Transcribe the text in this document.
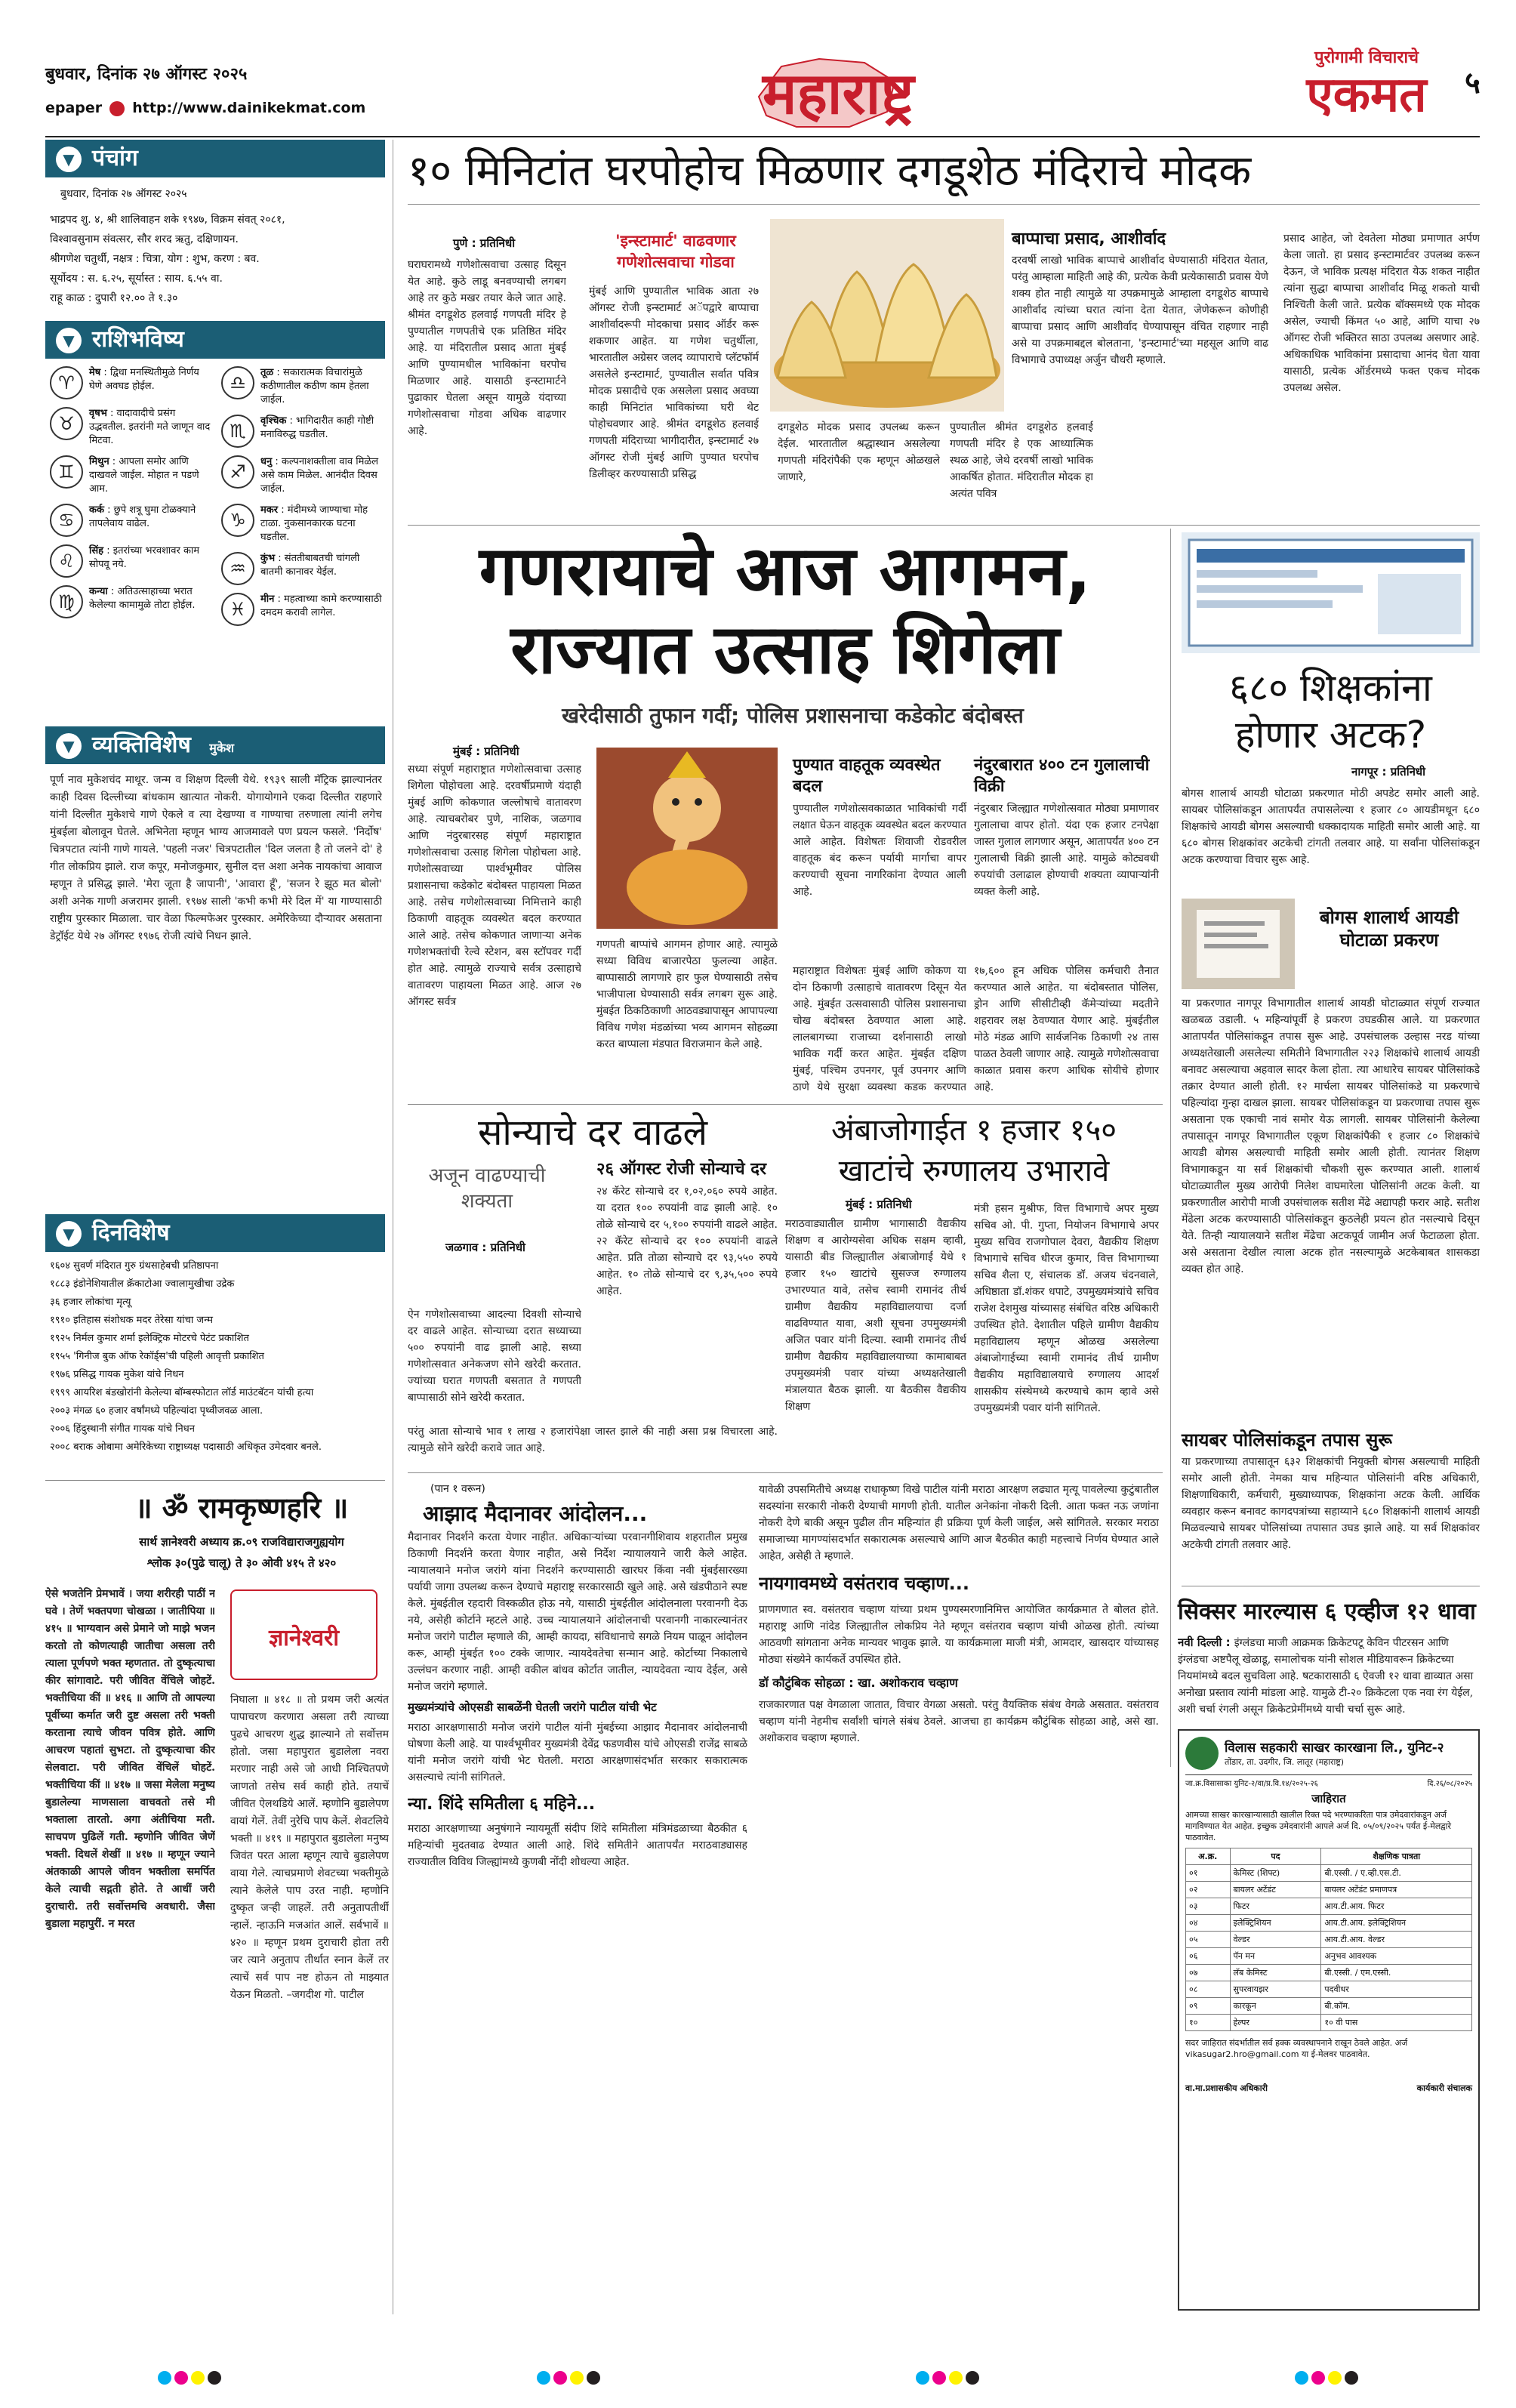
बुधवार, दिनांक २७ ऑगस्ट २०२५
epaper http://www.dainikekmat.com	महाराष्ट्र
पुरोगामी विचाराचे
एकमत	५
▼ पंचांग
बुधवार, दिनांक २७ ऑगस्ट २०२५
भाद्रपद शु. ४, श्री शालिवाहन शके १९४७, विक्रम संवत् २०८१,
विश्वावसुनाम संवत्सर, सौर शरद ऋतु, दक्षिणायन.
श्रीगणेश चतुर्थी, नक्षत्र : चित्रा, योग : शुभ, करण : बव.
सूर्योदय : स. ६.२५, सूर्यास्त : साय. ६.५५ वा.
राहू काळ : दुपारी १२.०० ते १.३०
▼ राशिभविष्य
♈	मेष : द्विधा मनस्थितीमुळे निर्णय घेणे अवघड होईल.
♉	वृषभ : वादावादीचे प्रसंग उद्भवतील. इतरांनी मते जाणून वाद मिटवा.
♊	मिथुन : आपला समोर आणि दाखवले जाईल. मोहात न पडणे आम.
♋	कर्क : छुपे शत्रू घुमा टोळक्याने तापलेवाय वाढेल.
♌	सिंह : इतरांच्या भरवशावर काम सोपवू नये.
♍	कन्या : अतिउत्साहाच्या भरात केलेल्या कामामुळे तोटा होईल.
♎	तूळ : सकारात्मक विचारांमुळे कठीणातील कठीण काम हेतला जाईल.
♏	वृश्चिक : भागिदारीत काही गोष्टी मनाविरुद्ध घडतील.
♐	धनु : कल्पनाशक्तीला वाव मिळेल असे काम मिळेल. आनंदीत दिवस जाईल.
♑	मकर : मंदीमध्ये जाण्याचा मोह टाळा. नुकसानकारक घटना घडतील.
♒	कुंभ : संततीबाबतची चांगली बातमी कानावर येईल.
♓	मीन : महत्वाच्या कामे करण्यासाठी दमदम करावी लागेल.
▼ व्यक्तिविशेष मुकेश
पूर्ण नाव मुकेशचंद माथूर. जन्म व शिक्षण दिल्ली येथे. १९३९ साली मॅट्रिक झाल्यानंतर काही दिवस दिल्लीच्या बांधकाम खात्यात नोकरी. योगायोगाने एकदा दिल्लीत राहणारे यांनी दिल्लीत मुकेशचे गाणे ऐकले व त्या देखण्या व गाण्याचा तरुणाला त्यांनी लगेच मुंबईला बोलावून घेतले. अभिनेता म्हणून भाग्य आजमावले पण प्रयत्न फसले. 'निर्दोष' चित्रपटात त्यांनी गाणे गायले. 'पहली नजर' चित्रपटातील 'दिल जलता है तो जलने दो' हे गीत लोकप्रिय झाले. राज कपूर, मनोजकुमार, सुनील दत्त अशा अनेक नायकांचा आवाज म्हणून ते प्रसिद्ध झाले. 'मेरा जूता है जापानी', 'आवारा हूँ', 'सजन रे झूठ मत बोलो' अशी अनेक गाणी अजरामर झाली. १९७४ साली 'कभी कभी मेरे दिल में' या गाण्यासाठी राष्ट्रीय पुरस्कार मिळाला. चार वेळा फिल्मफेअर पुरस्कार. अमेरिकेच्या दौऱ्यावर असताना डेट्रॉईट येथे २७ ऑगस्ट १९७६ रोजी त्यांचे निधन झाले.
▼ दिनविशेष
१६०४ सुवर्ण मंदिरात गुरु ग्रंथसाहेबची प्रतिष्ठापना
१८८३ इंडोनेशियातील क्रॅकाटोआ ज्वालामुखीचा उद्रेक
३६ हजार लोकांचा मृत्यू
१९१० इतिहास संशोधक मदर तेरेसा यांचा जन्म
१९२५ निर्मल कुमार शर्मा इलेक्ट्रिक मोटरचे पेटंट प्रकाशित
१९५५ 'गिनीज बुक ऑफ रेकॉर्ड्स'ची पहिली आवृत्ती प्रकाशित
१९७६ प्रसिद्ध गायक मुकेश यांचे निधन
१९९९ आयरिश बंडखोरांनी केलेल्या बॉम्बस्फोटात लॉर्ड माउंटबॅटन यांची हत्या
२००३ मंगळ ६० हजार वर्षांमध्ये पहिल्यांदा पृथ्वीजवळ आला.
२००६ हिंदुस्थानी संगीत गायक यांचे निधन
२००८ बराक ओबामा अमेरिकेच्या राष्ट्राध्यक्ष पदासाठी अधिकृत उमेदवार बनले.
॥ ॐ रामकृष्णहरि ॥
सार्थ ज्ञानेश्वरी अध्याय क्र.०९ राजविद्याराजगुह्ययोग
श्लोक ३०(पुढे चालू) ते ३० ओवी ४१५ ते ४२०
ऐसे भजतेनि प्रेमभावें । जया शरीरही पाठीं न घवे । तेणें भक्तपणा चोखळा । जातीपिया ॥ ४१५ ॥ भाग्यवान असे प्रेमाने जो माझे भजन करतो तो कोणत्याही जातीचा असला तरी त्याला पूर्णपणे भक्त म्हणतात. तो दुष्कृत्याचा कीर सांगावाटे. परी जीवित वेंचिले जोहटें. भक्तीचिया कीं ॥ ४१६ ॥ आणि तो आपल्या पूर्वीच्या कर्मात जरी दुष्ट असला तरी भक्ती करताना त्याचे जीवन पवित्र होते. आणि आचरण पहातां सुभटा. तो दुष्कृत्याचा कीर सेलवाटा. परी जीवित वेंचिलें घोहटें. भक्तीचिया कीं ॥ ४१७ ॥ जसा मेलेला मनुष्य बुडालेल्या माणसाला वाचवतो तसे मी भक्ताला तारतो. अगा अंतीचिया मती. साचपण पुढिलें गती. म्हणोनि जीवित जेणें भक्ती. दिधलें शेखीं ॥ ४१७ ॥ म्हणून ज्याने अंतकाळी आपले जीवन भक्तीला समर्पित केले त्याची सद्गती होते. ते आधीं जरी दुराचारी. तरी सर्वोत्तमचि अवधारी. जैसा बुडाला महापुरीं. न मरत
ज्ञानेश्वरी
निघाला ॥ ४१८ ॥ तो प्रथम जरी अत्यंत पापाचरण करणारा असला तरी त्याच्या पुढचे आचरण शुद्ध झाल्याने तो सर्वोत्तम होतो. जसा महापुरात बुडालेला नवरा मरणार नाही असे जो आधी निश्चितपणे जाणतो तसेच सर्व काही होते. तयाचें जीवित ऐलथडिये आलें. म्हणोनि बुडालेपण वायां गेलें. तेवीं नुरेचि पाप केलें. शेवटलिये भक्ती ॥ ४१९ ॥ महापुरात बुडालेला मनुष्य जिवंत परत आला म्हणून त्याचे बुडालेपण वाया गेले. त्याचप्रमाणे शेवटच्या भक्तीमुळे त्याने केलेले पाप उरत नाही. म्हणोनि दुष्कृत जऱ्ही जाहलें. तरी अनुतापतीर्थी न्हालें. न्हाऊनि मजआंत आलें. सर्वभावें ॥ ४२० ॥ म्हणून प्रथम दुराचारी होता तरी जर त्याने अनुताप तीर्थात स्नान केलें तर त्याचें सर्व पाप नष्ट होऊन तो माझ्यात येऊन मिळतो. –जगदीश गो. पाटील
१० मिनिटांत घरपोहोच मिळणार दगडूशेठ मंदिराचे मोदक
पुणे : प्रतिनिधी
घराघरामध्ये गणेशोत्सवाचा उत्साह दिसून येत आहे. कुठे लाडू बनवण्याची लगबग आहे तर कुठे मखर तयार केले जात आहे. श्रीमंत दगडूशेठ हलवाई गणपती मंदिर हे पुण्यातील गणपतीचे एक प्रतिष्ठित मंदिर आहे. या मंदिरातील प्रसाद आता मुंबई आणि पुण्यामधील भाविकांना घरपोच मिळणार आहे. यासाठी इन्स्टामार्टने पुढाकार घेतला असून यामुळे यंदाच्या गणेशोत्सवाचा गोडवा अधिक वाढणार आहे.
'इन्स्टामार्ट' वाढवणार गणेशोत्सवाचा गोडवा
मुंबई आणि पुण्यातील भाविक आता २७ ऑगस्ट रोजी इन्स्टामार्ट अॅपद्वारे बाप्पाचा आशीर्वादरूपी मोदकाचा प्रसाद ऑर्डर करू शकणार आहेत. या गणेश चतुर्थीला, भारतातील अग्रेसर जलद व्यापाराचे प्लॅटफॉर्म असलेले इन्स्टामार्ट, पुण्यातील सर्वात पवित्र मोदक प्रसादीचे एक असलेला प्रसाद अवघ्या काही मिनिटांत भाविकांच्या घरी थेट पोहोचवणार आहे. श्रीमंत दगडूशेठ हलवाई गणपती मंदिराच्या भागीदारीत, इन्स्टामार्ट २७ ऑगस्ट रोजी मुंबई आणि पुण्यात घरपोच डिलीव्हर करण्यासाठी प्रसिद्ध
बाप्पाचा प्रसाद, आशीर्वाद
दरवर्षी लाखो भाविक बाप्पाचे आशीर्वाद घेण्यासाठी मंदिरात येतात, परंतु आम्हाला माहिती आहे की, प्रत्येक केवी प्रत्येकासाठी प्रवास येणे शक्य होत नाही त्यामुळे या उपक्रमामुळे आम्हाला दगडूशेठ बाप्पाचे आशीर्वाद त्यांच्या घरात त्यांना देता येतात, जेणेकरून कोणीही बाप्पाचा प्रसाद आणि आशीर्वाद घेण्यापासून वंचित राहणार नाही असे या उपक्रमाबद्दल बोलताना, 'इन्स्टामार्ट'च्या महसूल आणि वाढ विभागाचे उपाध्यक्ष अर्जुन चौधरी म्हणाले.
दगडूशेठ मोदक प्रसाद उपलब्ध करून देईल. भारतातील श्रद्धास्थान असलेल्या गणपती मंदिरांपैकी एक म्हणून ओळखले जाणारे,
पुण्यातील श्रीमंत दगडूशेठ हलवाई गणपती मंदिर हे एक आध्यात्मिक स्थळ आहे, जेथे दरवर्षी लाखो भाविक आकर्षित होतात. मंदिरातील मोदक हा अत्यंत पवित्र
प्रसाद आहेत, जो देवतेला मोठ्या प्रमाणात अर्पण केला जातो. हा प्रसाद इन्स्टामार्टवर उपलब्ध करून देऊन, जे भाविक प्रत्यक्ष मंदिरात येऊ शकत नाहीत त्यांना सुद्धा बाप्पाचा आशीर्वाद मिळू शकतो याची निश्चिती केली जाते. प्रत्येक बॉक्समध्ये एक मोदक असेल, ज्याची किंमत ५० आहे, आणि याचा २७ ऑगस्ट रोजी भक्तिरत साठा उपलब्ध असणार आहे. अधिकाधिक भाविकांना प्रसादाचा आनंद घेता यावा यासाठी, प्रत्येक ऑर्डरमध्ये फक्त एकच मोदक उपलब्ध असेल.
गणरायाचे आज आगमन,
राज्यात उत्साह शिगेला
खरेदीसाठी तुफान गर्दी; पोलिस प्रशासनाचा कडेकोट बंदोबस्त
मुंबई : प्रतिनिधी
सध्या संपूर्ण महाराष्ट्रात गणेशोत्सवाचा उत्साह शिगेला पोहोचला आहे. दरवर्षीप्रमाणे यंदाही मुंबई आणि कोकणात जल्लोषाचे वातावरण आहे. त्याचबरोबर पुणे, नाशिक, जळगाव आणि नंदुरबारसह संपूर्ण महाराष्ट्रात गणेशोत्सवाचा उत्साह शिगेला पोहोचला आहे. गणेशोत्सवाच्या पार्श्वभूमीवर पोलिस प्रशासनाचा कडेकोट बंदोबस्त पाहायला मिळत आहे. तसेच गणेशोत्सवाच्या निमित्ताने काही ठिकाणी वाहतूक व्यवस्थेत बदल करण्यात आले आहे. तसेच कोकणात जाणाऱ्या अनेक गणेशभक्तांची रेल्वे स्टेशन, बस स्टॉपवर गर्दी होत आहे. त्यामुळे राज्याचे सर्वत्र उत्साहाचे वातावरण पाहायला मिळत आहे. आज २७ ऑगस्ट सर्वत्र
गणपती बाप्पांचे आगमन होणार आहे. त्यामुळे सध्या विविध बाजारपेठा फुलल्या आहेत. बाप्पासाठी लागणारे हार फुल घेण्यासाठी तसेच भाजीपाला घेण्यासाठी सर्वत्र लगबग सुरू आहे. मुंबईत ठिकठिकाणी आठवड्यापासून आपापल्या विविध गणेश मंडळांच्या भव्य आगमन सोहळ्या करत बाप्पाला मंडपात विराजमान केले आहे.
पुण्यात वाहतूक व्यवस्थेत बदल
पुण्यातील गणेशोत्सवकाळात भाविकांची गर्दी लक्षात घेऊन वाहतूक व्यवस्थेत बदल करण्यात आले आहेत. विशेषतः शिवाजी रोडवरील वाहतूक बंद करून पर्यायी मार्गाचा वापर करण्याची सूचना नागरिकांना देण्यात आली आहे.
नंदुरबारात ४०० टन गुलालाची विक्री
नंदुरबार जिल्ह्यात गणेशोत्सवात मोठ्या प्रमाणावर गुलालाचा वापर होतो. यंदा एक हजार टनपेक्षा जास्त गुलाल लागणार असून, आतापर्यंत ४०० टन गुलालाची विक्री झाली आहे. यामुळे कोट्यवधी रुपयांची उलाढाल होण्याची शक्यता व्यापाऱ्यांनी व्यक्त केली आहे.
महाराष्ट्रात विशेषतः मुंबई आणि कोकण या दोन ठिकाणी उत्साहाचे वातावरण दिसून येत आहे. मुंबईत उत्सवासाठी पोलिस प्रशासनाचा चोख बंदोबस्त ठेवण्यात आला आहे. लालबागच्या राजाच्या दर्शनासाठी लाखो भाविक गर्दी करत आहेत. मुंबईत दक्षिण मुंबई, पश्चिम उपनगर, पूर्व उपनगर आणि ठाणे येथे सुरक्षा व्यवस्था कडक करण्यात
१७,६०० हून अधिक पोलिस कर्मचारी तैनात करण्यात आले आहेत. या बंदोबस्तात पोलिस, ड्रोन आणि सीसीटीव्ही कॅमेऱ्यांच्या मदतीने शहरावर लक्ष ठेवण्यात येणार आहे. मुंबईतील मोठे मंडळ आणि सार्वजनिक ठिकाणी २४ तास पाळत ठेवली जाणार आहे. त्यामुळे गणेशोत्सवाचा काळात प्रवास करण आधिक सोयीचे होणार आहे.
६८० शिक्षकांना
होणार अटक?
नागपूर : प्रतिनिधी
बोगस शालार्थ आयडी घोटाळा प्रकरणात मोठी अपडेट समोर आली आहे. सायबर पोलिसांकडून आतापर्यंत तपासलेल्या १ हजार ८० आयडीमधून ६८० शिक्षकांचे आयडी बोगस असल्याची धक्कादायक माहिती समोर आली आहे. या ६८० बोगस शिक्षकांवर अटकेची टांगती तलवार आहे. या सर्वांना पोलिसांकडून अटक करण्याचा विचार सुरू आहे.
बोगस शालार्थ आयडी घोटाळा प्रकरण
या प्रकरणात नागपूर विभागातील शालार्थ आयडी घोटाळ्यात संपूर्ण राज्यात खळबळ उडाली. ५ महिन्यांपूर्वी हे प्रकरण उघडकीस आले. या प्रकरणात आतापर्यंत पोलिसांकडून तपास सुरू आहे. उपसंचालक उल्हास नरड यांच्या अध्यक्षतेखाली असलेल्या समितीने विभागातील २२३ शिक्षकांचे शालार्थ आयडी बनावट असल्याचा अहवाल सादर केला होता. त्या आधारेच सायबर पोलिसांकडे तक्रार देण्यात आली होती. १२ मार्चला सायबर पोलिसांकडे या प्रकरणाचे पहिल्यांदा गुन्हा दाखल झाला. सायबर पोलिसांकडून या प्रकरणाचा तपास सुरू असताना एक एकाची नावं समोर येऊ लागली. सायबर पोलिसांनी केलेल्या तपासातून नागपूर विभागातील एकूण शिक्षकांपैकी १ हजार ८० शिक्षकांचे आयडी बोगस असल्याची माहिती समोर आली होती. त्यानंतर शिक्षण विभागाकडून या सर्व शिक्षकांची चौकशी सुरू करण्यात आली. शालार्थ घोटाळ्यातील मुख्य आरोपी निलेश वाघमारेला पोलिसांनी अटक केली. या प्रकरणातील आरोपी माजी उपसंचालक सतीश मेंढे अद्यापही फरार आहे. सतीश मेंढेला अटक करण्यासाठी पोलिसांकडून कुठलेही प्रयत्न होत नसल्याचे दिसून येते. तिन्ही न्यायालयाने सतीश मेंढेचा अटकपूर्व जामीन अर्ज फेटाळला होता. असे असताना देखील त्याला अटक होत नसल्यामुळे अटकेबाबत शासकडा व्यक्त होत आहे.
सायबर पोलिसांकडून तपास सुरू
या प्रकरणाच्या तपासातून ६३२ शिक्षकांची नियुक्ती बोगस असल्याची माहिती समोर आली होती. नेमका याच महिन्यात पोलिसांनी वरिष्ठ अधिकारी, शिक्षणाधिकारी, कर्मचारी, मुख्याध्यापक, शिक्षकांना अटक केली. आर्थिक व्यवहार करून बनावट कागदपत्रांच्या सहाय्याने ६८० शिक्षकांनी शालार्थ आयडी मिळवल्याचे सायबर पोलिसांच्या तपासात उघड झाले आहे. या सर्व शिक्षकांवर अटकेची टांगती तलवार आहे.
सोन्याचे दर वाढले
अजून वाढण्याची शक्यता
२६ ऑगस्ट रोजी सोन्याचे दर
२४ कॅरेट सोन्याचे दर १,०२,०६० रुपये आहेत. या दरात १०० रुपयांनी वाढ झाली आहे. १० तोळे सोन्याचे दर ५,१०० रुपयांनी वाढले आहेत. २२ कॅरेट सोन्याचे दर १०० रुपयांनी वाढले आहेत. प्रति तोळा सोन्याचे दर ९३,५५० रुपये आहेत. १० तोळे सोन्याचे दर ९,३५,५०० रुपये आहेत.
जळगाव : प्रतिनिधी
ऐन गणेशोत्सवाच्या आदल्या दिवशी सोन्याचे दर वाढले आहेत. सोन्याच्या दरात सध्याच्या ५०० रुपयांनी वाढ झाली आहे. सध्या गणेशोत्सवात अनेकजण सोने खरेदी करतात. ज्यांच्या घरात गणपती बसतात ते गणपती बाप्पासाठी सोने खरेदी करतात.
परंतु आता सोन्याचे भाव १ लाख २ हजारांपेक्षा जास्त झाले की नाही असा प्रश्न विचारला आहे. त्यामुळे सोने खरेदी करावे जात आहे.
अंबाजोगाईत १ हजार १५०
खाटांचे रुग्णालय उभारावे
मुंबई : प्रतिनिधी
मराठवाड्यातील ग्रामीण भागासाठी वैद्यकीय शिक्षण व आरोग्यसेवा अधिक सक्षम व्हावी, यासाठी बीड जिल्ह्यातील अंबाजोगाई येथे १ हजार १५० खाटांचे सुसज्ज रुग्णालय उभारण्यात यावे, तसेच स्वामी रामानंद तीर्थ ग्रामीण वैद्यकीय महाविद्यालयाचा दर्जा वाढविण्यात यावा, अशी सूचना उपमुख्यमंत्री अजित पवार यांनी दिल्या. स्वामी रामानंद तीर्थ ग्रामीण वैद्यकीय महाविद्यालयाच्या कामाबाबत उपमुख्यमंत्री पवार यांच्या अध्यक्षतेखाली मंत्रालयात बैठक झाली. या बैठकीस वैद्यकीय शिक्षण
मंत्री हसन मुश्रीफ, वित्त विभागाचे अपर मुख्य सचिव ओ. पी. गुप्ता, नियोजन विभागाचे अपर मुख्य सचिव राजगोपाल देवरा, वैद्यकीय शिक्षण विभागाचे सचिव धीरज कुमार, वित्त विभागाच्या सचिव शैला ए, संचालक डॉ. अजय चंदनवाले, अधिष्ठाता डॉ.शंकर धपाटे, उपमुख्यमंत्र्यांचे सचिव राजेश देशमुख यांच्यासह संबंधित वरिष्ठ अधिकारी उपस्थित होते. देशातील पहिले ग्रामीण वैद्यकीय महाविद्यालय म्हणून ओळख असलेल्या अंबाजोगाईच्या स्वामी रामानंद तीर्थ ग्रामीण वैद्यकीय महाविद्यालयाचे रुग्णालय आदर्श शासकीय संस्थेमध्ये करण्याचे काम व्हावे असे उपमुख्यमंत्री पवार यांनी सांगितले.
(पान १ वरून)
आझाद मैदानावर आंदोलन...
मैदानावर निदर्शने करता येणार नाहीत. अधिकाऱ्यांच्या परवानगीशिवाय शहरातील प्रमुख ठिकाणी निदर्शने करता येणार नाहीत, असे निर्देश न्यायालयाने जारी केले आहेत. न्यायालयाने मनोज जरांगे यांना निदर्शने करण्यासाठी खारघर किंवा नवी मुंबईसारख्या पर्यायी जागा उपलब्ध करून देण्याचे महाराष्ट्र सरकारसाठी खुले आहे. असे खंडपीठाने स्पष्ट केले. मुंबईतील रहदारी विस्कळीत होऊ नये, यासाठी मुंबईतील आंदोलनाला परवानगी देऊ नये, असेही कोर्टाने म्हटले आहे. उच्च न्यायालयाने आंदोलनाची परवानगी नाकारल्यानंतर मनोज जरांगे पाटील म्हणाले की, आम्ही कायदा, संविधानाचे सगळे नियम पाळून आंदोलन करू, आम्ही मुंबईत १०० टक्के जाणार. न्यायदेवतेचा सन्मान आहे. कोर्टाच्या निकालाचे उल्लंघन करणार नाही. आम्ही वकील बांधव कोर्टात जातील, न्यायदेवता न्याय देईल, असे मनोज जरांगे म्हणाले.
मुख्यमंत्र्यांचे ओएसडी साबळेंनी घेतली जरांगे पाटील यांची भेट
मराठा आरक्षणासाठी मनोज जरांगे पाटील यांनी मुंबईच्या आझाद मैदानावर आंदोलनाची घोषणा केली आहे. या पार्श्वभूमीवर मुख्यमंत्री देवेंद्र फडणवीस यांचे ओएसडी राजेंद्र साबळे यांनी मनोज जरांगे यांची भेट घेतली. मराठा आरक्षणासंदर्भात सरकार सकारात्मक असल्याचे त्यांनी सांगितले.
न्या. शिंदे समितीला ६ महिने...
मराठा आरक्षणाच्या अनुषंगाने न्यायमूर्ती संदीप शिंदे समितीला मंत्रिमंडळाच्या बैठकीत ६ महिन्यांची मुदतवाढ देण्यात आली आहे. शिंदे समितीने आतापर्यंत मराठवाड्यासह राज्यातील विविध जिल्ह्यांमध्ये कुणबी नोंदी शोधल्या आहेत.
यावेळी उपसमितीचे अध्यक्ष राधाकृष्ण विखे पाटील यांनी मराठा आरक्षण लढ्यात मृत्यू पावलेल्या कुटुंबातील सदस्यांना सरकारी नोकरी देण्याची मागणी होती. यातील अनेकांना नोकरी दिली. आता फक्त नऊ जणांना नोकरी देणे बाकी असून पुढील तीन महिन्यांत ही प्रक्रिया पूर्ण केली जाईल, असे सांगितले. सरकार मराठा समाजाच्या मागण्यांसदर्भात सकारात्मक असल्याचे आणि आज बैठकीत काही महत्त्वाचे निर्णय घेण्यात आले आहेत, असेही ते म्हणाले.
नायगावमध्ये वसंतराव चव्हाण...
प्राणगणात स्व. वसंतराव चव्हाण यांच्या प्रथम पुण्यस्मरणानिमित्त आयोजित कार्यक्रमात ते बोलत होते. महाराष्ट्र आणि नांदेड जिल्ह्यातील लोकप्रिय नेते म्हणून वसंतराव चव्हाण यांची ओळख होती. त्यांच्या आठवणी सांगताना अनेक मान्यवर भावुक झाले. या कार्यक्रमाला माजी मंत्री, आमदार, खासदार यांच्यासह मोठ्या संख्येने कार्यकर्ते उपस्थित होते.
डॉ कौटुंबिक सोहळा : खा. अशोकराव चव्हाण
राजकारणात पक्ष वेगळाला जातात, विचार वेगळा असतो. परंतु वैयक्तिक संबंध वेगळे असतात. वसंतराव चव्हाण यांनी नेहमीच सर्वांशी चांगले संबंध ठेवले. आजचा हा कार्यक्रम कौटुंबिक सोहळा आहे, असे खा. अशोकराव चव्हाण म्हणाले.
सिक्सर मारल्यास ६ एव्हीज १२ धावा
नवी दिल्ली : इंग्लंडचा माजी आक्रमक क्रिकेटपटू केविन पीटरसन आणि इंग्लंडचा अष्टपैलू खेळाडू, समालोचक यांनी सोशल मीडियावरून क्रिकेटच्या नियमांमध्ये बदल सुचविला आहे. षटकारासाठी ६ ऐवजी १२ धावा द्याव्यात असा अनोखा प्रस्ताव त्यांनी मांडला आहे. यामुळे टी-२० क्रिकेटला एक नवा रंग येईल, अशी चर्चा रंगली असून क्रिकेटप्रेमींमध्ये याची चर्चा सुरू आहे.
विलास सहकारी साखर कारखाना लि., युनिट-२
तोंडार, ता. उदगीर, जि. लातूर (महाराष्ट्र)
जा.क्र.विसासाका युनिट-२/वा/प्र.वि.१४/२०२५-२६	दि.२६/०८/२०२५
जाहिरात
आमच्या साखर कारखान्यासाठी खालील रिक्त पदे भरण्याकरिता पात्र उमेदवारांकडून अर्ज मागविण्यात येत आहेत. इच्छुक उमेदवारांनी आपले अर्ज दि. ०५/०९/२०२५ पर्यंत ई-मेलद्वारे पाठवावेत.
अ.क्र.	पद	शैक्षणिक पात्रता
०१	केमिस्ट (शिफ्ट)	बी.एस्सी. / ए.व्ही.एस.टी.
०२	बायलर अटेंडंट	बायलर अटेंडंट प्रमाणपत्र
०३	फिटर	आय.टी.आय. फिटर
०४	इलेक्ट्रिशियन	आय.टी.आय. इलेक्ट्रिशियन
०५	वेल्डर	आय.टी.आय. वेल्डर
०६	पॅन मन	अनुभव आवश्यक
०७	लॅब केमिस्ट	बी.एस्सी. / एम.एस्सी.
०८	सुपरवायझर	पदवीधर
०९	कारकून	बी.कॉम.
१०	हेल्पर	१० वी पास
सदर जाहिरात संदर्भातील सर्व हक्क व्यवस्थापनाने राखून ठेवले आहेत. अर्ज vikasugar2.hro@gmail.com या ई-मेलवर पाठवावेत.
वा.मा.प्रशासकीय अधिकारी	कार्यकारी संचालक
